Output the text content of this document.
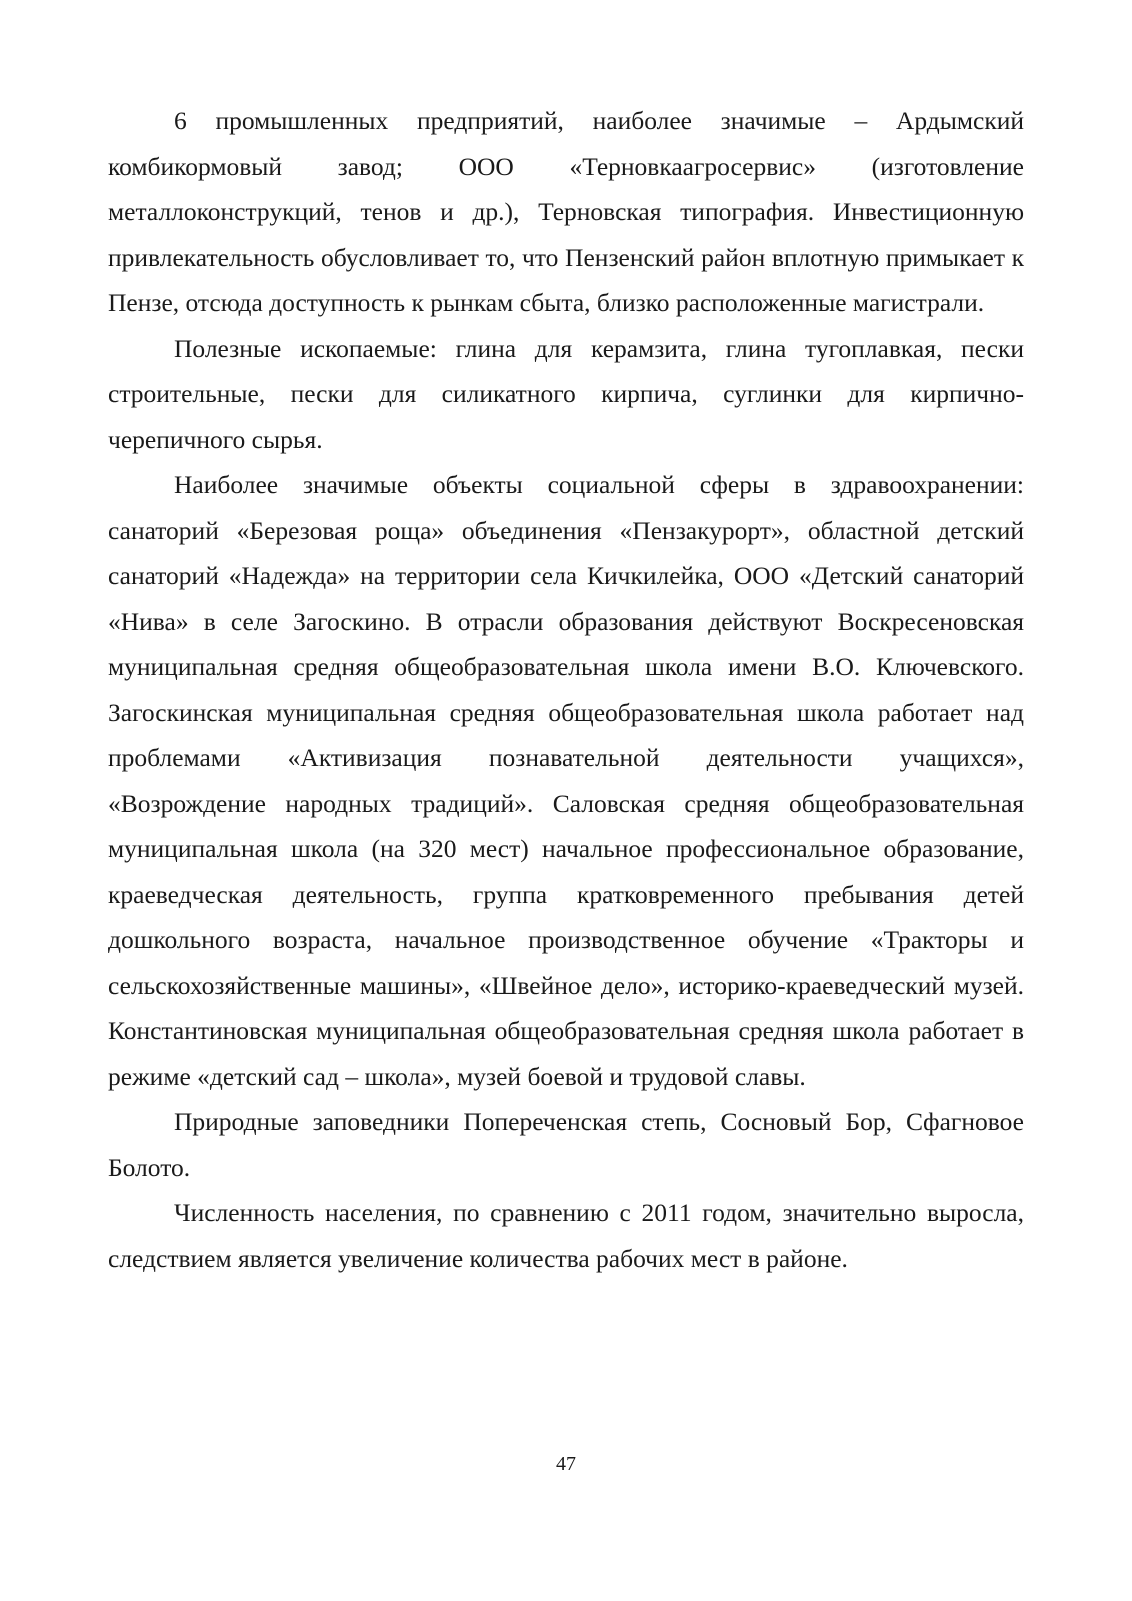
6 промышленных предприятий, наиболее значимые – Ардымский комбикормовый завод; ООО «Терновкаагросервис» (изготовление металлоконструкций, тенов и др.), Терновская типография. Инвестиционную привлекательность обусловливает то, что Пензенский район вплотную примыкает к Пензе, отсюда доступность к рынкам сбыта, близко расположенные магистрали.

Полезные ископаемые: глина для керамзита, глина тугоплавкая, пески строительные, пески для силикатного кирпича, суглинки для кирпично-черепичного сырья.

Наиболее значимые объекты социальной сферы в здравоохранении: санаторий «Березовая роща» объединения «Пензакурорт», областной детский санаторий «Надежда» на территории села Кичкилейка, ООО «Детский санаторий «Нива» в селе Загоскино. В отрасли образования действуют Воскресеновская муниципальная средняя общеобразовательная школа имени В.О. Ключевского. Загоскинская муниципальная средняя общеобразовательная школа работает над проблемами «Активизация познавательной деятельности учащихся», «Возрождение народных традиций». Саловская средняя общеобразовательная муниципальная школа (на 320 мест) начальное профессиональное образование, краеведческая деятельность, группа кратковременного пребывания детей дошкольного возраста, начальное производственное обучение «Тракторы и сельскохозяйственные машины», «Швейное дело», историко-краеведческий музей. Константиновская муниципальная общеобразовательная средняя школа работает в режиме «детский сад – школа», музей боевой и трудовой славы.

Природные заповедники Попереченская степь, Сосновый Бор, Сфагновое Болото.

Численность населения, по сравнению с 2011 годом, значительно выросла, следствием является увеличение количества рабочих мест в районе.

47
